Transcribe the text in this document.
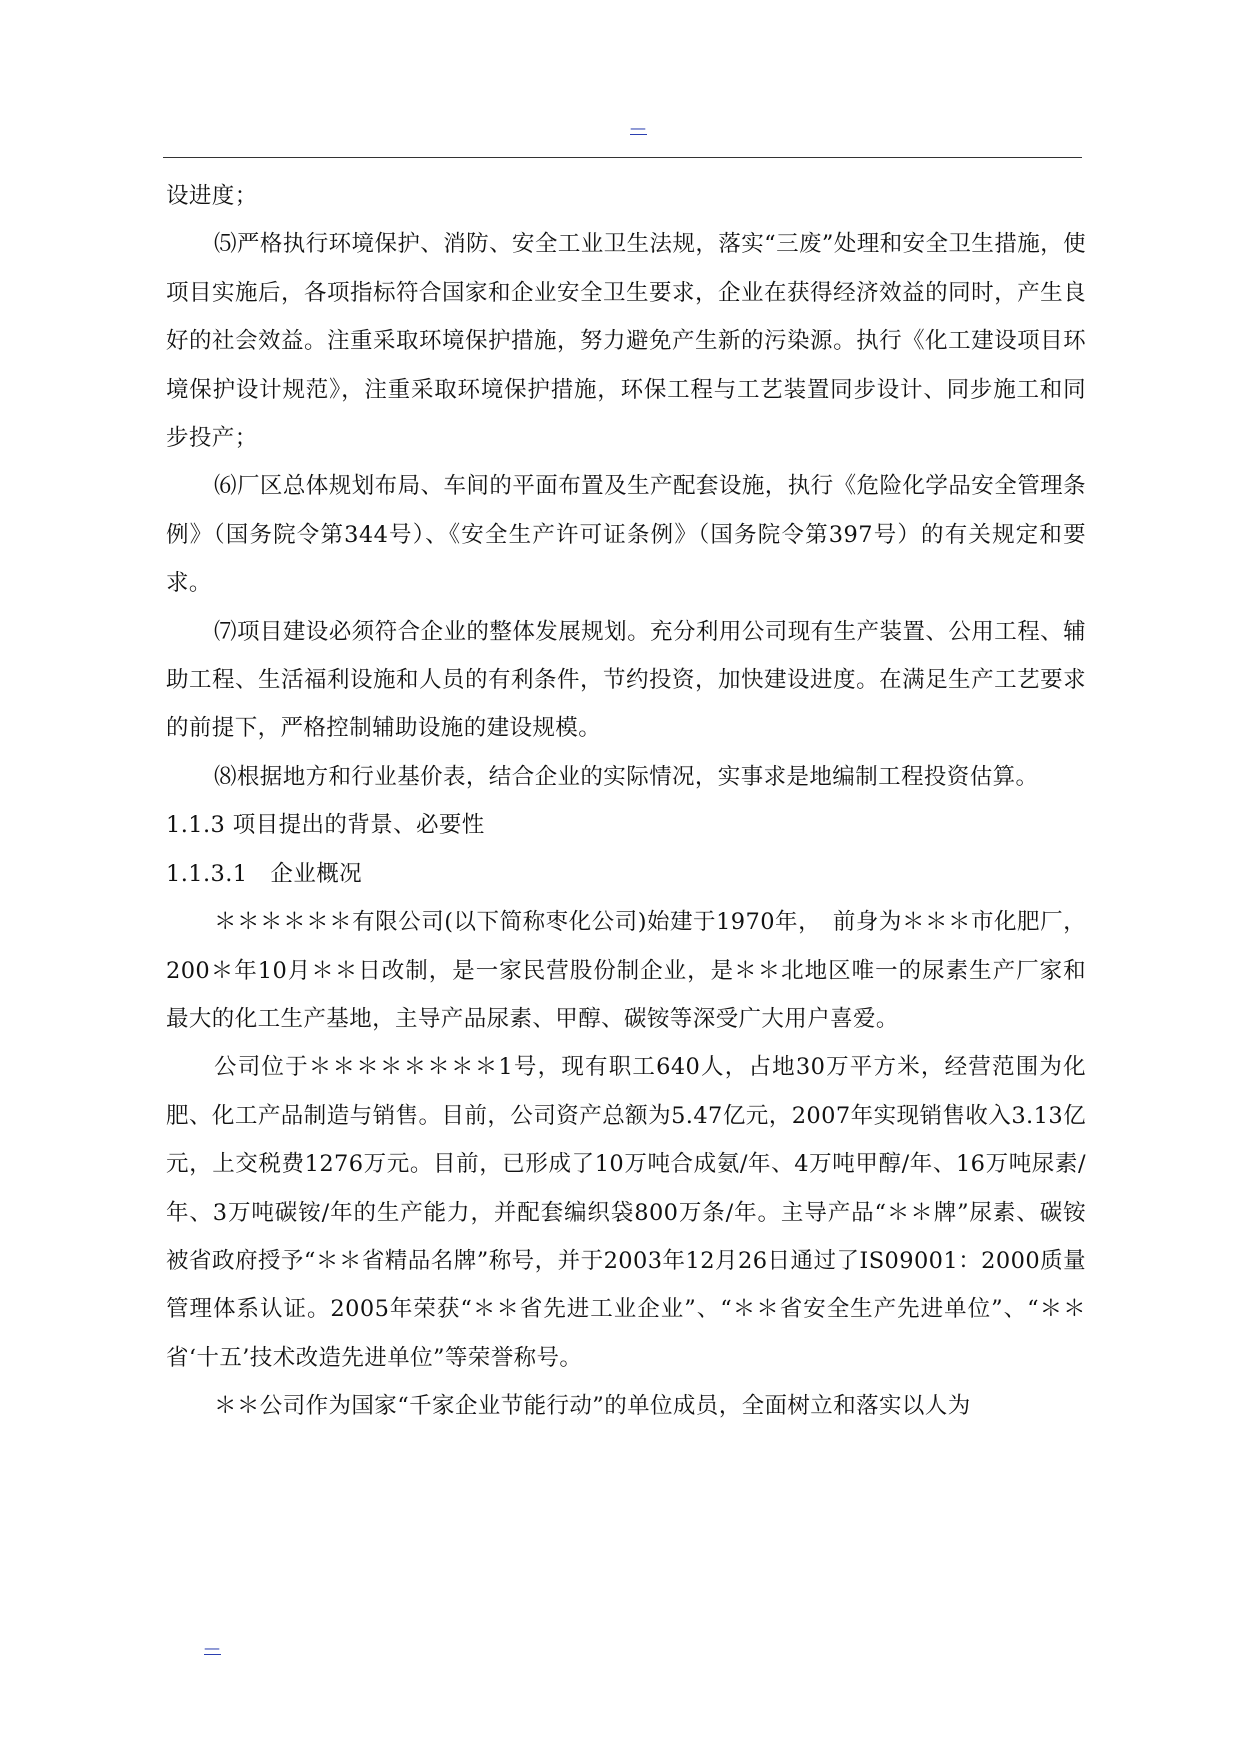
—

设进度；

⑸严格执行环境保护、消防、安全工业卫生法规，落实“三废”处理和安全卫生措施，使项目实施后，各项指标符合国家和企业安全卫生要求，企业在获得经济效益的同时，产生良好的社会效益。注重采取环境保护措施，努力避免产生新的污染源。执行《化工建设项目环境保护设计规范》，注重采取环境保护措施，环保工程与工艺装置同步设计、同步施工和同步投产；

⑹厂区总体规划布局、车间的平面布置及生产配套设施，执行《危险化学品安全管理条例》（国务院令第344号）、《安全生产许可证条例》（国务院令第397号）的有关规定和要求。

⑺项目建设必须符合企业的整体发展规划。充分利用公司现有生产装置、公用工程、辅助工程、生活福利设施和人员的有利条件，节约投资，加快建设进度。在满足生产工艺要求的前提下，严格控制辅助设施的建设规模。

⑻根据地方和行业基价表，结合企业的实际情况，实事求是地编制工程投资估算。

1.1.3 项目提出的背景、必要性

1.1.3.1　企业概况

＊＊＊＊＊＊有限公司(以下简称枣化公司)始建于1970年，　前身为＊＊＊市化肥厂，200＊年10月＊＊日改制，是一家民营股份制企业，是＊＊北地区唯一的尿素生产厂家和最大的化工生产基地，主导产品尿素、甲醇、碳铵等深受广大用户喜爱。

公司位于＊＊＊＊＊＊＊＊1号，现有职工640人，占地30万平方米，经营范围为化肥、化工产品制造与销售。目前，公司资产总额为5.47亿元，2007年实现销售收入3.13亿元，上交税费1276万元。目前，已形成了10万吨合成氨/年、4万吨甲醇/年、16万吨尿素/年、3万吨碳铵/年的生产能力，并配套编织袋800万条/年。主导产品“＊＊牌”尿素、碳铵被省政府授予“＊＊省精品名牌”称号，并于2003年12月26日通过了IS09001：2000质量管理体系认证。2005年荣获“＊＊省先进工业企业”、“＊＊省安全生产先进单位”、“＊＊省‘十五’技术改造先进单位”等荣誉称号。

＊＊公司作为国家“千家企业节能行动”的单位成员，全面树立和落实以人为

—
